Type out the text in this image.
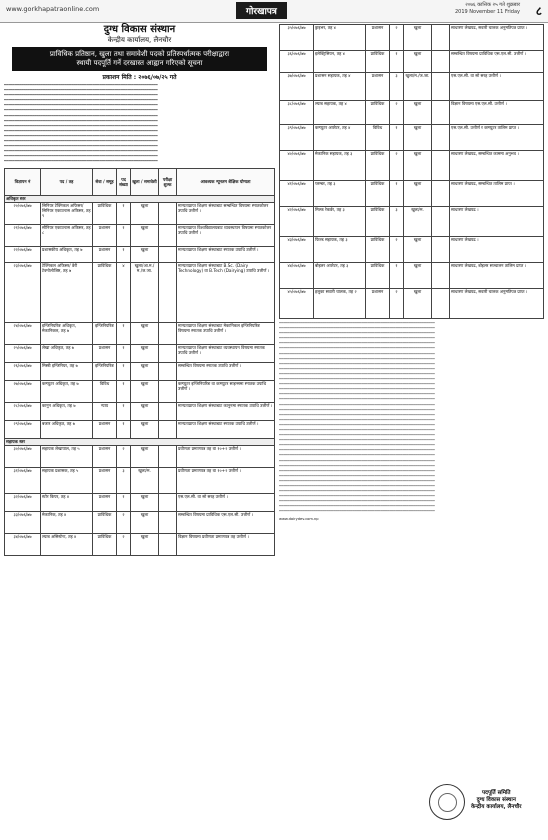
www.gorkhapatraonline.com	गोरखापत्र
२०७६ कात्तिक २५ गते शुक्रबार
2019 November 11 Friday ८
दुग्ध विकास संस्थान
केन्द्रीय कार्यालय, लैनचौर
प्राविधिक प्रतिष्ठान, खुला तथा समावेशी पदको प्रतिस्पर्धात्मक परीक्षाद्वारा
स्थायी पदपूर्ति गर्ने दरखास्त आह्वान गरिएको सूचना
प्रकाशन मिति : २०७६/०७/२५ गते
━━━━━━━━━━━━━━━━━━━━━━━━━━━━━━━━━━━━━━━━━━━━━━━━━━━━━━━━━━━━━━━━━━━━━━━
━━━━━━━━━━━━━━━━━━━━━━━━━━━━━━━━━━━━━━━━━━━━━━━━━━━━━━━━━━━━━━━━━━━━━━━
━━━━━━━━━━━━━━━━━━━━━━━━━━━━━━━━━━━━━━━━━━━━━━━━━━━━━━━━━━━━━━━━━━━━━━━
━━━━━━━━━━━━━━━━━━━━━━━━━━━━━━━━━━━━━━━━━━━━━━━━━━━━━━━━━━━━━━━━━━━━━━━
━━━━━━━━━━━━━━━━━━━━━━━━━━━━━━━━━━━━━━━━━━━━━━━━━━━━━━━━━━━━━━━━━━━━━━━
━━━━━━━━━━━━━━━━━━━━━━━━━━━━━━━━━━━━━━━━━━━━━━━━━━━━━━━━━━━━━━━━━━━━━━━
━━━━━━━━━━━━━━━━━━━━━━━━━━━━━━━━━━━━━━━━━━━━━━━━━━━━━━━━━━━━━━━━━━━━━━━
━━━━━━━━━━━━━━━━━━━━━━━━━━━━━━━━━━━━━━━━━━━━━━━━━━━━━━━━━━━━━━━━━━━━━━━
━━━━━━━━━━━━━━━━━━━━━━━━━━━━━━━━━━━━━━━━━━━━━━━━━━━━━━━━━━━━━━━━━━━━━━━
━━━━━━━━━━━━━━━━━━━━━━━━━━━━━━━━━━━━━━━━━━━━━━━━━━━━━━━━━━━━━━━━━━━━━━━
━━━━━━━━━━━━━━━━━━━━━━━━━━━━━━━━━━━━━━━━━━━━━━━━━━━━━━━━━━━━━━━━━━━━━━━
━━━━━━━━━━━━━━━━━━━━━━━━━━━━━━━━━━━━━━━━━━━━━━━━━━━━━━━━━━━━━━━━━━━━━━━
━━━━━━━━━━━━━━━━━━━━━━━━━━━━━━━━━━━━━━━━━━━━━━━━━━━━━━━━━━━━━━━━━━━━━━━
━━━━━━━━━━━━━━━━━━━━━━━━━━━━━━━━━━━━━━━━━━━━━━━━━━━━━━━━━━━━━━━━━━━━━━━
━━━━━━━━━━━━━━━━━━━━━━━━━━━━━━━━━━━━━━━━━━━━━━━━━━━━━━━━━━━━━━━━━━━━━━━
━━━━━━━━━━━━━━━━━━━━━━━━━━━━━━━━━━━━━━━━━━━━━━━━━━━━━━━━━━━━━━━━━━━━━━━
विज्ञापन नं	पद / तह	सेवा / समूह	पद संख्या	खुला / समावेशी	परीक्षा शुल्क	आवश्यक न्यूनतम शैक्षिक योग्यता
अधिकृत स्तर						
२०/०७६/७७	सिनियर टेक्निकल अफिसर/ सिनियर एकाउन्टस अफिसर, तह ९	प्राविधिक	१	खुला		मान्यताप्राप्त शिक्षण संस्थाबाट सम्बन्धित विषयमा स्नातकोत्तर उपाधि उत्तीर्ण ।
२१/०७६/७७	सीनियर एकाउन्टस अफिसर, तह ८	प्रशासन	१	खुला		मान्यताप्राप्त विश्वविद्यालयबाट व्यवस्थापन विषयमा स्नातकोत्तर उपाधि उत्तीर्ण ।
२२/०७६/७७	प्रशासकीय अधिकृत, तह ७	प्रशासन	१	खुला		मान्यताप्राप्त शिक्षण संस्थाबाट स्नातक उपाधि उत्तीर्ण ।
२३/०७६/७७	टेक्निकल अफिसर/ डेरी टेक्नोलोजिष्ट, तह ७	प्राविधिक	४	खुला/आ.म./ म./ज.जा.		मान्यताप्राप्त शिक्षण संस्थाबाट B.Sc. (Dairy Technology) वा B.Tech (Dairying) उपाधि उत्तीर्ण ।
२४/०७६/७७	इन्जिनियरिङ अधिकृत, मेकानिकल, तह ७	इन्जिनियरिङ	१	खुला		मान्यताप्राप्त शिक्षण संस्थाबाट मेकानिकल इन्जिनियरिङ विषयमा स्नातक उपाधि उत्तीर्ण ।
२५/०७६/७७	लेखा अधिकृत, तह ७	प्रशासन	१	खुला		मान्यताप्राप्त शिक्षण संस्थाबाट व्यवस्थापन विषयमा स्नातक उपाधि उत्तीर्ण ।
२६/०७६/७७	मिस्त्री इन्जिनियर, तह ७	इन्जिनियरिङ	१	खुला		सम्बन्धित विषयमा स्नातक उपाधि उत्तीर्ण ।
२७/०७६/७७	कम्प्युटर अधिकृत, तह ७	विविध	१	खुला		कम्प्युटर इन्जिनियरिङ वा कम्प्युटर साइन्समा स्नातक उपाधि उत्तीर्ण ।
२८/०७६/७७	कानुन अधिकृत, तह ७	न्याय	१	खुला		मान्यताप्राप्त शिक्षण संस्थाबाट कानुनमा स्नातक उपाधि उत्तीर्ण ।
२९/०७६/७७	बजार अधिकृत, तह ७	प्रशासन	१	खुला		मान्यताप्राप्त शिक्षण संस्थाबाट स्नातक उपाधि उत्तीर्ण ।
सहायक स्तर						
३०/०७६/७७	सहायक लेखापाल, तह ५	प्रशासन	२	खुला		प्रवीणता प्रमाणपत्र तह वा १०+२ उत्तीर्ण ।
३१/०७६/७७	सहायक प्रशासक, तह ५	प्रशासन	३	खुला/म.		प्रवीणता प्रमाणपत्र तह वा १०+२ उत्तीर्ण ।
३२/०७६/७७	स्टोर किपर, तह ४	प्रशासन	१	खुला		एस.एल.सी. वा सो सरह उत्तीर्ण ।
३३/०७६/७७	मेकानिक, तह ४	प्राविधिक	२	खुला		सम्बन्धित विषयमा प्राविधिक एस.एल.सी. उत्तीर्ण ।
३४/०७६/७७	ल्याब असिस्टेन्ट, तह ४	प्राविधिक	२	खुला		विज्ञान विषयमा प्रवीणता प्रमाणपत्र तह उत्तीर्ण ।
३५/०७६/७७	ड्राइभर, तह ४	प्रशासन	२	खुला		साधारण लेखपढ, सवारी चालक अनुमतिपत्र प्राप्त ।
३६/०७६/७७	इलेक्ट्रिसियन, तह ४	प्राविधिक	१	खुला		सम्बन्धित विषयमा प्राविधिक एस.एल.सी. उत्तीर्ण ।
३७/०७६/७७	प्रशासन सहायक, तह ४	प्रशासन	३	खुला/म./ज.जा.		एस.एल.सी. वा सो सरह उत्तीर्ण ।
३८/०७६/७७	ल्याब सहायक, तह ४	प्राविधिक	२	खुला		विज्ञान विषयमा एस.एल.सी. उत्तीर्ण ।
३९/०७६/७७	कम्प्युटर अपरेटर, तह ४	विविध	१	खुला		एस.एल.सी. उत्तीर्ण र कम्प्युटर तालिम प्राप्त ।
४०/०७६/७७	मेकानिक सहायक, तह ३	प्राविधिक	२	खुला		साधारण लेखपढ, सम्बन्धित काममा अनुभव ।
४१/०७६/७७	प्लम्बर, तह ३	प्राविधिक	१	खुला		साधारण लेखपढ, सम्बन्धित तालिम प्राप्त ।
४२/०७६/७७	मिल्क रेकर्डर, तह ३	प्राविधिक	३	खुला/म.		साधारण लेखपढ ।
४३/०७६/७७	फिल्ड सहायक, तह ३	प्राविधिक	२	खुला		साधारण लेखपढ ।
४४/०७६/७७	बोइलर अपरेटर, तह ३	प्राविधिक	१	खुला		साधारण लेखपढ, बोइलर सञ्चालन तालिम प्राप्त ।
४५/०७६/७७	हलुका सवारी चालक, तह २	प्रशासन	२	खुला		साधारण लेखपढ, सवारी चालक अनुमतिपत्र प्राप्त ।
━━━━━━━━━━━━━━━━━━━━━━━━━━━━━━━━━━━━━━━━━━━━━━━━━━━━━━━━━━━━━━━━━━━━━━━━
━━━━━━━━━━━━━━━━━━━━━━━━━━━━━━━━━━━━━━━━━━━━━━━━━━━━━━━━━━━━━━━━━━━━━━━━
━━━━━━━━━━━━━━━━━━━━━━━━━━━━━━━━━━━━━━━━━━━━━━━━━━━━━━━━━━━━━━━━━━━━━━━━
━━━━━━━━━━━━━━━━━━━━━━━━━━━━━━━━━━━━━━━━━━━━━━━━━━━━━━━━━━━━━━━━━━━━━━━━
━━━━━━━━━━━━━━━━━━━━━━━━━━━━━━━━━━━━━━━━━━━━━━━━━━━━━━━━━━━━━━━━━━━━━━━━
━━━━━━━━━━━━━━━━━━━━━━━━━━━━━━━━━━━━━━━━━━━━━━━━━━━━━━━━━━━━━━━━━━━━━━━━
━━━━━━━━━━━━━━━━━━━━━━━━━━━━━━━━━━━━━━━━━━━━━━━━━━━━━━━━━━━━━━━━━━━━━━━━
━━━━━━━━━━━━━━━━━━━━━━━━━━━━━━━━━━━━━━━━━━━━━━━━━━━━━━━━━━━━━━━━━━━━━━━━
━━━━━━━━━━━━━━━━━━━━━━━━━━━━━━━━━━━━━━━━━━━━━━━━━━━━━━━━━━━━━━━━━━━━━━━━
━━━━━━━━━━━━━━━━━━━━━━━━━━━━━━━━━━━━━━━━━━━━━━━━━━━━━━━━━━━━━━━━━━━━━━━━
━━━━━━━━━━━━━━━━━━━━━━━━━━━━━━━━━━━━━━━━━━━━━━━━━━━━━━━━━━━━━━━━━━━━━━━━
━━━━━━━━━━━━━━━━━━━━━━━━━━━━━━━━━━━━━━━━━━━━━━━━━━━━━━━━━━━━━━━━━━━━━━━━
━━━━━━━━━━━━━━━━━━━━━━━━━━━━━━━━━━━━━━━━━━━━━━━━━━━━━━━━━━━━━━━━━━━━━━━━
━━━━━━━━━━━━━━━━━━━━━━━━━━━━━━━━━━━━━━━━━━━━━━━━━━━━━━━━━━━━━━━━━━━━━━━━
━━━━━━━━━━━━━━━━━━━━━━━━━━━━━━━━━━━━━━━━━━━━━━━━━━━━━━━━━━━━━━━━━━━━━━━━
━━━━━━━━━━━━━━━━━━━━━━━━━━━━━━━━━━━━━━━━━━━━━━━━━━━━━━━━━━━━━━━━━━━━━━━━
━━━━━━━━━━━━━━━━━━━━━━━━━━━━━━━━━━━━━━━━━━━━━━━━━━━━━━━━━━━━━━━━━━━━━━━━
━━━━━━━━━━━━━━━━━━━━━━━━━━━━━━━━━━━━━━━━━━━━━━━━━━━━━━━━━━━━━━━━━━━━━━━━
━━━━━━━━━━━━━━━━━━━━━━━━━━━━━━━━━━━━━━━━━━━━━━━━━━━━━━━━━━━━━━━━━━━━━━━━
━━━━━━━━━━━━━━━━━━━━━━━━━━━━━━━━━━━━━━━━━━━━━━━━━━━━━━━━━━━━━━━━━━━━━━━━
━━━━━━━━━━━━━━━━━━━━━━━━━━━━━━━━━━━━━━━━━━━━━━━━━━━━━━━━━━━━━━━━━━━━━━━━
━━━━━━━━━━━━━━━━━━━━━━━━━━━━━━━━━━━━━━━━━━━━━━━━━━━━━━━━━━━━━━━━━━━━━━━━
━━━━━━━━━━━━━━━━━━━━━━━━━━━━━━━━━━━━━━━━━━━━━━━━━━━━━━━━━━━━━━━━━━━━━━━━
━━━━━━━━━━━━━━━━━━━━━━━━━━━━━━━━━━━━━━━━━━━━━━━━━━━━━━━━━━━━━━━━━━━━━━━━
━━━━━━━━━━━━━━━━━━━━━━━━━━━━━━━━━━━━━━━━━━━━━━━━━━━━━━━━━━━━━━━━━━━━━━━━
━━━━━━━━━━━━━━━━━━━━━━━━━━━━━━━━━━━━━━━━━━━━━━━━━━━━━━━━━━━━━━━━━━━━━━━━
━━━━━━━━━━━━━━━━━━━━━━━━━━━━━━━━━━━━━━━━━━━━━━━━━━━━━━━━━━━━━━━━━━━━━━━━
━━━━━━━━━━━━━━━━━━━━━━━━━━━━━━━━━━━━━━━━━━━━━━━━━━━━━━━━━━━━━━━━━━━━━━━━
━━━━━━━━━━━━━━━━━━━━━━━━━━━━━━━━━━━━━━━━━━━━━━━━━━━━━━━━━━━━━━━━━━━━━━━━
━━━━━━━━━━━━━━━━━━━━━━━━━━━━━━━━━━━━━━━━━━━━━━━━━━━━━━━━━━━━━━━━━━━━━━━━
━━━━━━━━━━━━━━━━━━━━━━━━━━━━━━━━━━━━━━━━━━━━━━━━━━━━━━━━━━━━━━━━━━━━━━━━
━━━━━━━━━━━━━━━━━━━━━━━━━━━━━━━━━━━━━━━━━━━━━━━━━━━━━━━━━━━━━━━━━━━━━━━━
━━━━━━━━━━━━━━━━━━━━━━━━━━━━━━━━━━━━━━━━━━━━━━━━━━━━━━━━━━━━━━━━━━━━━━━━
━━━━━━━━━━━━━━━━━━━━━━━━━━━━━━━━━━━━━━━━━━━━━━━━━━━━━━━━━━━━━━━━━━━━━━━━
━━━━━━━━━━━━━━━━━━━━━━━━━━━━━━━━━━━━━━━━━━━━━━━━━━━━━━━━━━━━━━━━━━━━━━━━
━━━━━━━━━━━━━━━━━━━━━━━━━━━━━━━━━━━━━━━━━━━━━━━━━━━━━━━━━━━━━━━━━━━━━━━━
━━━━━━━━━━━━━━━━━━━━━━━━━━━━━━━━━━━━━━━━━━━━━━━━━━━━━━━━━━━━━━━━━━━━━━━━
━━━━━━━━━━━━━━━━━━━━━━━━━━━━━━━━━━━━━━━━━━━━━━━━━━━━━━━━━━━━━━━━━━━━━━━━
www.dairydev.com.np
पदपूर्ति समिति
दुग्ध विकास संस्थान
केन्द्रीय कार्यालय, लैनचौर
